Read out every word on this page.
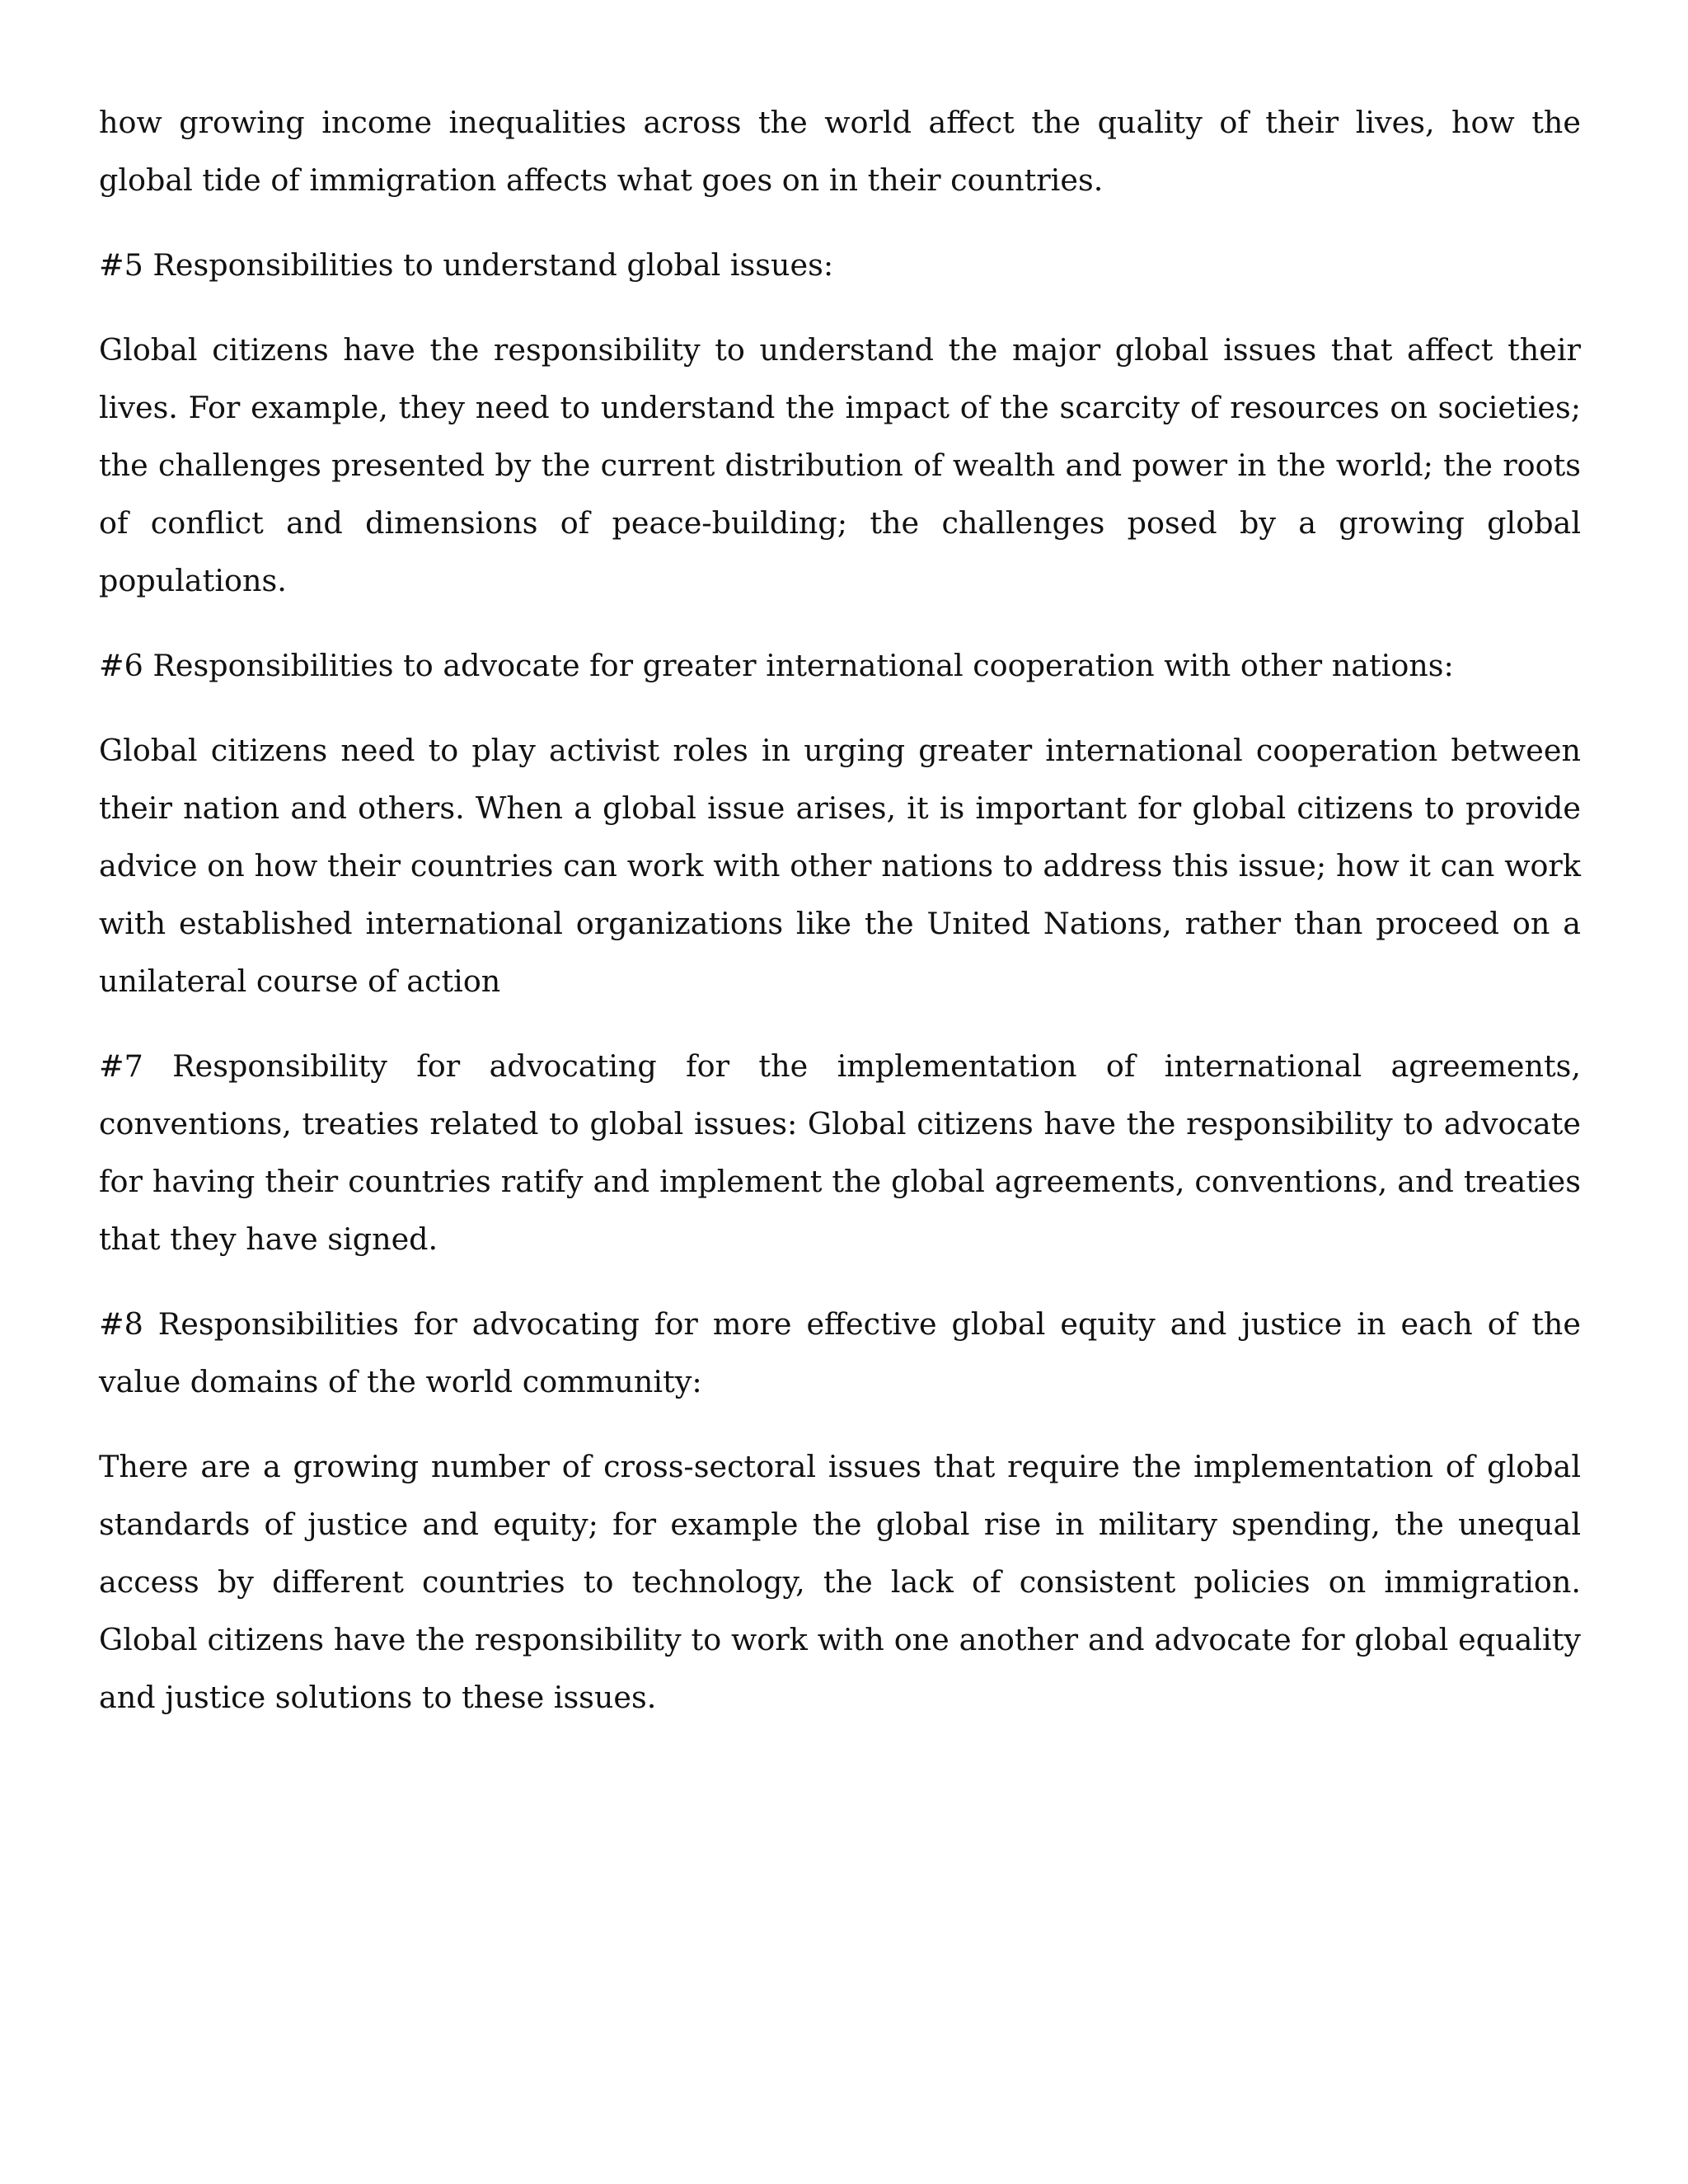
how growing income inequalities across the world affect the quality of their lives, how the global tide of immigration affects what goes on in their countries.

#5 Responsibilities to understand global issues:

Global citizens have the responsibility to understand the major global issues that affect their lives. For example, they need to understand the impact of the scarcity of resources on societies; the challenges presented by the current distribution of wealth and power in the world; the roots of conflict and dimensions of peace-building; the challenges posed by a growing global populations.

#6 Responsibilities to advocate for greater international cooperation with other nations:

Global citizens need to play activist roles in urging greater international cooperation between their nation and others. When a global issue arises, it is important for global citizens to provide advice on how their countries can work with other nations to address this issue; how it can work with established international organizations like the United Nations, rather than proceed on a unilateral course of action

#7 Responsibility for advocating for the implementation of international agreements, conventions, treaties related to global issues: Global citizens have the responsibility to advocate for having their countries ratify and implement the global agreements, conventions, and treaties that they have signed.

#8 Responsibilities for advocating for more effective global equity and justice in each of the value domains of the world community:

There are a growing number of cross-sectoral issues that require the implementation of global standards of justice and equity; for example the global rise in military spending, the unequal access by different countries to technology, the lack of consistent policies on immigration. Global citizens have the responsibility to work with one another and advocate for global equality and justice solutions to these issues.
